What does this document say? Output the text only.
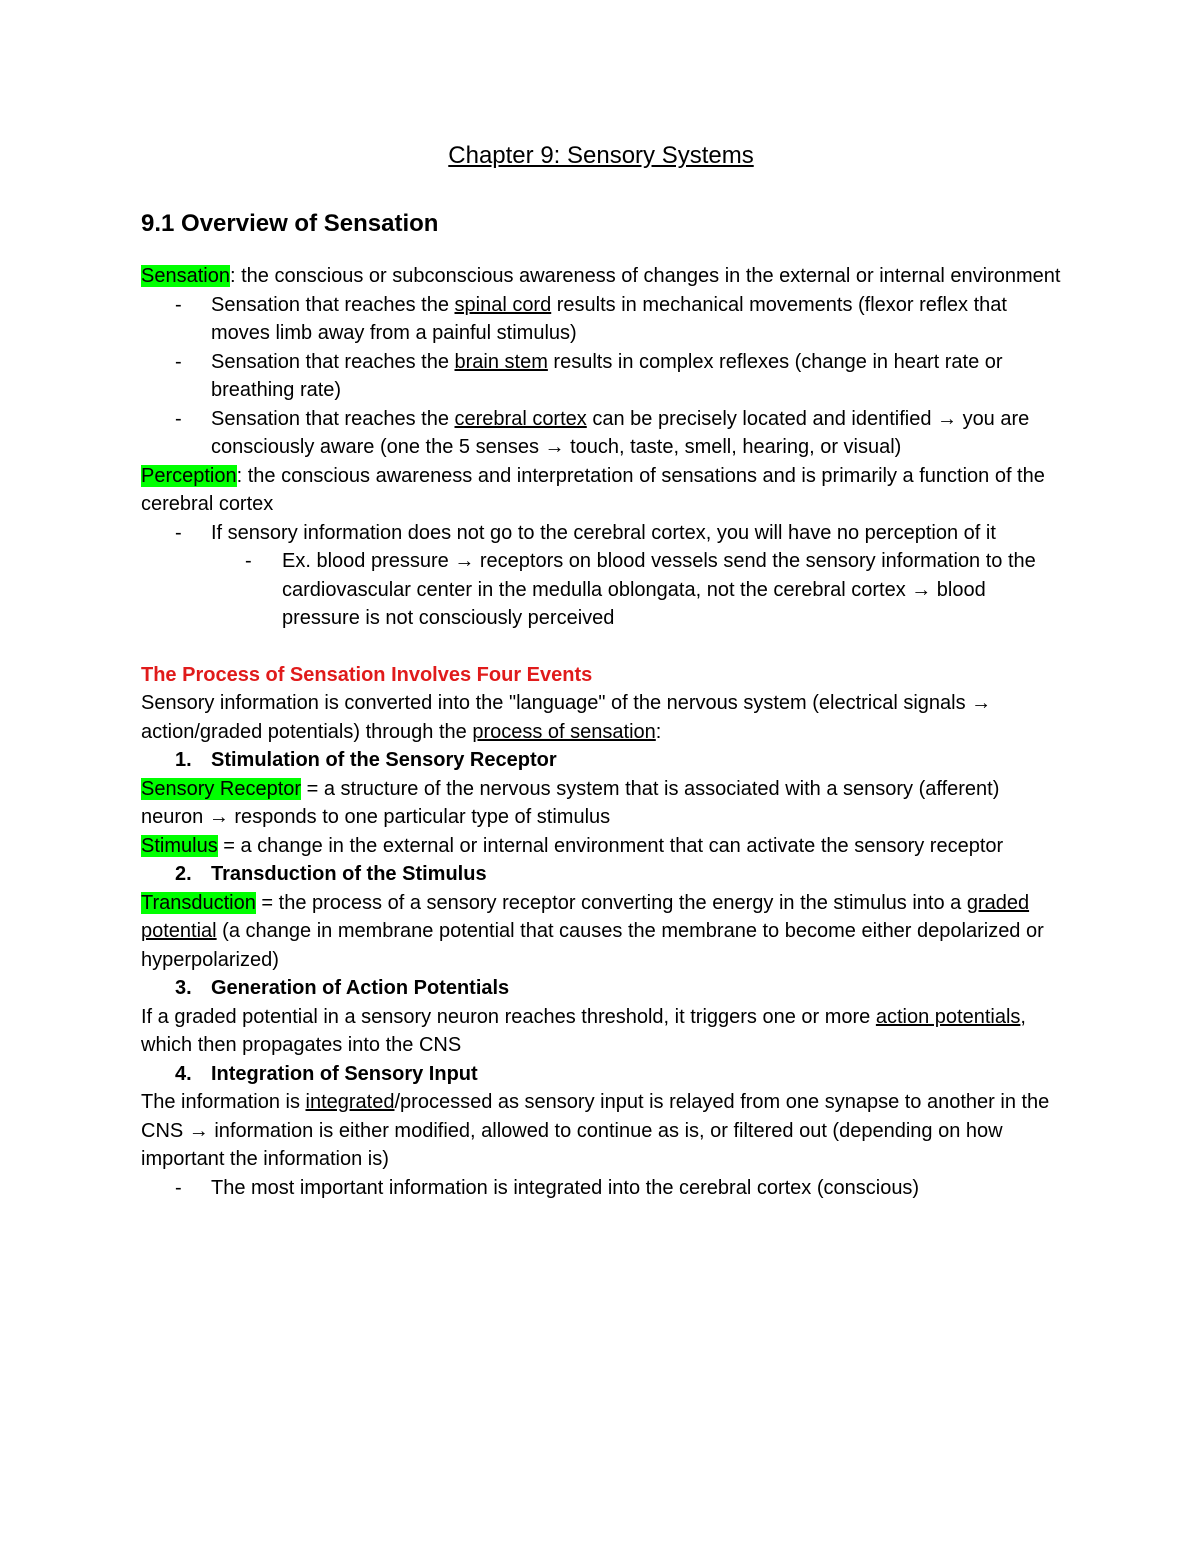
Chapter 9: Sensory Systems
9.1 Overview of Sensation

Sensation: the conscious or subconscious awareness of changes in the external or internal environment

- Sensation that reaches the spinal cord results in mechanical movements (flexor reflex that moves limb away from a painful stimulus)
- Sensation that reaches the brain stem results in complex reflexes (change in heart rate or breathing rate)
- Sensation that reaches the cerebral cortex can be precisely located and identified → you are consciously aware (one the 5 senses → touch, taste, smell, hearing, or visual)

Perception: the conscious awareness and interpretation of sensations and is primarily a function of the cerebral cortex

- If sensory information does not go to the cerebral cortex, you will have no perception of it
- Ex. blood pressure → receptors on blood vessels send the sensory information to the cardiovascular center in the medulla oblongata, not the cerebral cortex → blood pressure is not consciously perceived

The Process of Sensation Involves Four Events

Sensory information is converted into the "language" of the nervous system (electrical signals → action/graded potentials) through the process of sensation:

1. Stimulation of the Sensory Receptor

Sensory Receptor = a structure of the nervous system that is associated with a sensory (afferent) neuron → responds to one particular type of stimulus

Stimulus = a change in the external or internal environment that can activate the sensory receptor

2. Transduction of the Stimulus

Transduction = the process of a sensory receptor converting the energy in the stimulus into a graded potential (a change in membrane potential that causes the membrane to become either depolarized or hyperpolarized)

3. Generation of Action Potentials

If a graded potential in a sensory neuron reaches threshold, it triggers one or more action potentials, which then propagates into the CNS

4. Integration of Sensory Input

The information is integrated/processed as sensory input is relayed from one synapse to another in the CNS → information is either modified, allowed to continue as is, or filtered out (depending on how important the information is)

- The most important information is integrated into the cerebral cortex (conscious)
